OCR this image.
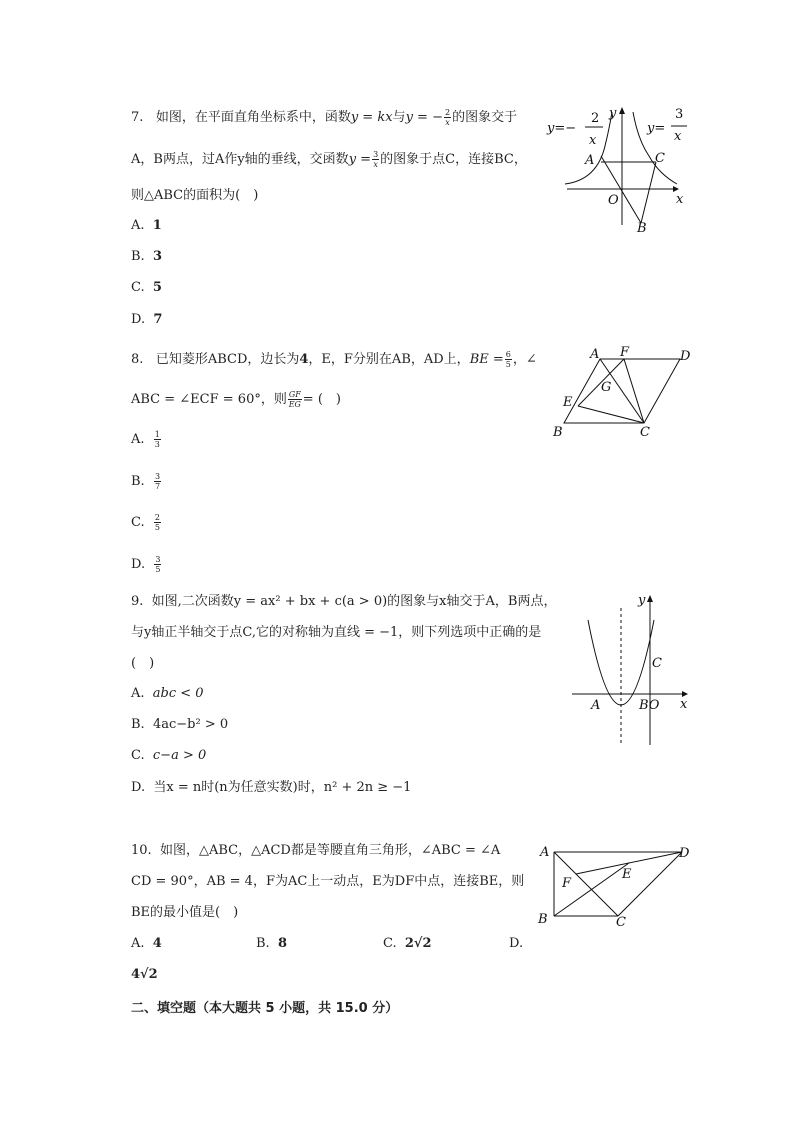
7. 如图，在平面直角坐标系中，函数y = kx与y = − $\frac{2}{x}$ 的图象交于
A，B两点，过A作y轴的垂线，交函数$y = \frac{3}{x}$ 的图象于点C，连接BC，
则△ABC的面积为(　)
A. 1
B. 3
C. 5
D. 7
y=−
2
x
y=
3
x
y
x
A	C
O
B
8. 已知菱形ABCD，边长为4，E，F分别在AB，AD上，BE = $\frac{6}{5}$ ，∠
ABC = ∠ECF = 60°，则 $\frac{GF}{EG}$ = (　)
A. $\frac{1}{3}$
B. $\frac{3}{7}$
C. $\frac{2}{5}$
D. $\frac{3}{5}$
A F	D
G
E
B	C
9. 如图,二次函数y = ax² + bx + c(a > 0)的图象与x轴交于A，B两点，
与y轴正半轴交于点C,它的对称轴为直线 = −1，则下列选项中正确的是
(　)
A. abc < 0
B. 4ac−b² > 0
C. c−a > 0
D. 当x = n时(n为任意实数)时，n² + 2n ≥ −1
x
y
C
A	BO
10. 如图，△ABC，△ACD都是等腰直角三角形，∠ABC = ∠A
CD = 90°，AB = 4，F为AC上一动点，E为DF中点，连接BE，则
BE的最小值是(　)
A. 4	B. 8	C. 2√2	D.
4√2
A	D
E
F
B	C
二、填空题（本大题共 5 小题，共 15.0 分）
